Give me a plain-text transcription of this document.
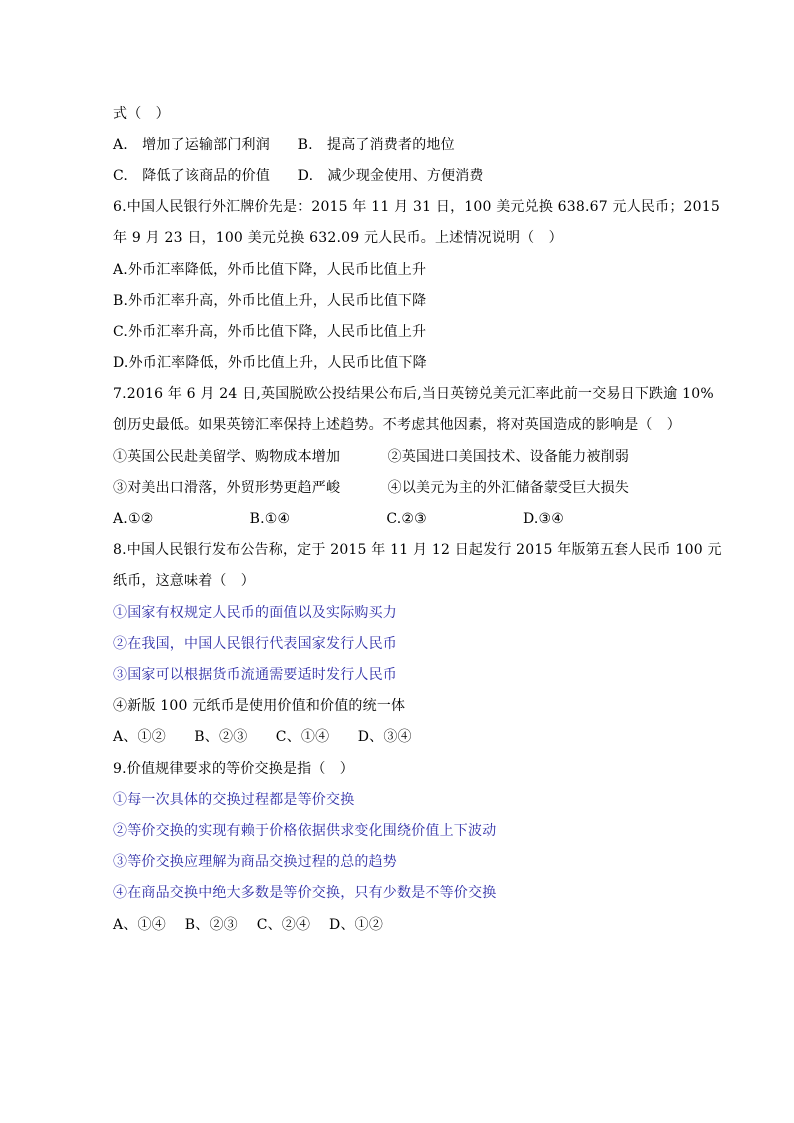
式（　）
A.　增加了运输部门利润 B.　提高了消费者的地位
C.　降低了该商品的价值 D.　减少现金使用、方便消费
6.中国人民银行外汇牌价先是：2015 年 11 月 31 日，100 美元兑换 638.67 元人民币；2015
年 9 月 23 日，100 美元兑换 632.09 元人民币。上述情况说明（　）
A.外币汇率降低，外币比值下降，人民币比值上升
B.外币汇率升高，外币比值上升，人民币比值下降
C.外币汇率升高，外币比值下降，人民币比值上升
D.外币汇率降低，外币比值上升，人民币比值下降
7.2016 年 6 月 24 日,英国脱欧公投结果公布后,当日英镑兑美元汇率此前一交易日下跌逾 10%
创历史最低。如果英镑汇率保持上述趋势。不考虑其他因素，将对英国造成的影响是（　）
①英国公民赴美留学、购物成本增加	②英国进口美国技术、设备能力被削弱
③对美出口滑落，外贸形势更趋严峻	④以美元为主的外汇储备蒙受巨大损失
A.①②	B.①④	C.②③	D.③④
8.中国人民银行发布公告称，定于 2015 年 11 月 12 日起发行 2015 年版第五套人民币 100 元
纸币，这意味着（　）
①国家有权规定人民币的面值以及实际购买力
②在我国，中国人民银行代表国家发行人民币
③国家可以根据货币流通需要适时发行人民币
④新版 100 元纸币是使用价值和价值的统一体
A、①②　　B、②③　　C、①④　　D、③④
9.价值规律要求的等价交换是指（　）
①每一次具体的交换过程都是等价交换
②等价交换的实现有赖于价格依据供求变化围绕价值上下波动
③等价交换应理解为商品交换过程的总的趋势
④在商品交换中绝大多数是等价交换，只有少数是不等价交换
A、①④　 B、②③　 C、②④　 D、①②
